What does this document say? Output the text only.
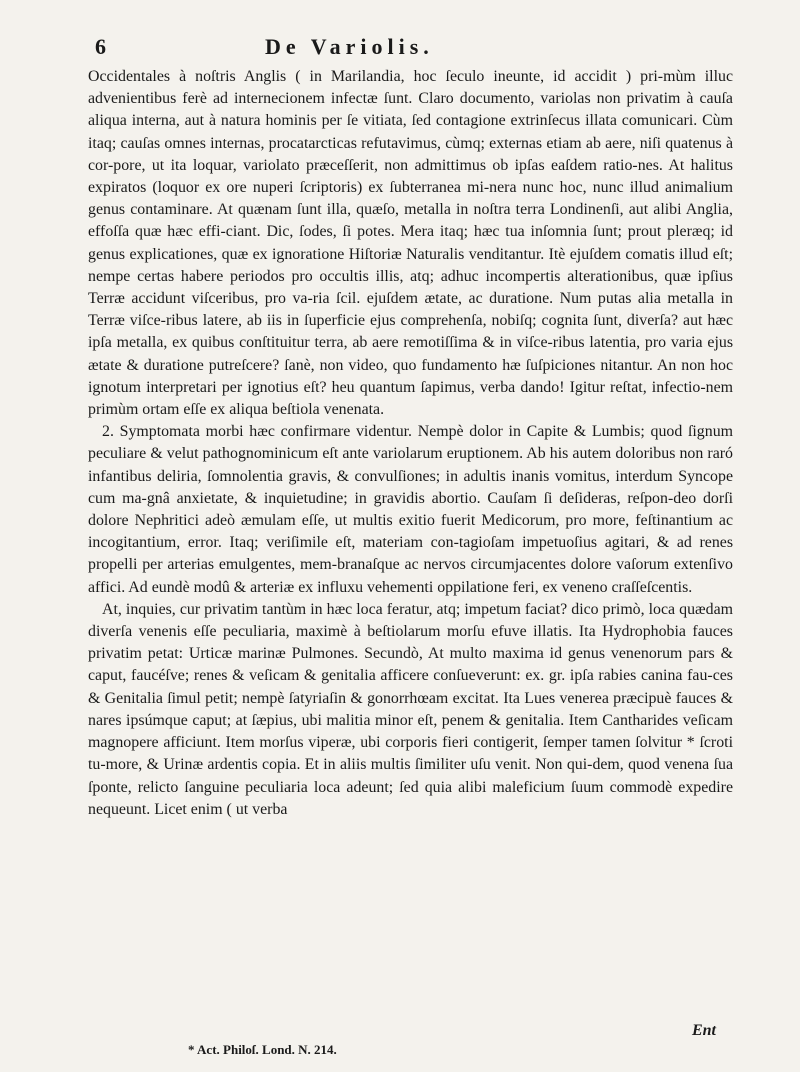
6	De Variolis.

Occidentales à noſtris Anglis ( in Marilandia, hoc ſeculo ineunte, id accidit ) pri-mùm illuc advenientibus ferè ad internecionem infectæ ſunt. Claro documento, variolas non privatim à cauſa aliqua interna, aut à natura hominis per ſe vitiata, ſed contagione extrinſecus illata comunicari. Cùm itaq; cauſas omnes internas, procatarcticas refutavimus, cùmq; externas etiam ab aere, niſi quatenus à cor-pore, ut ita loquar, variolato præceſſerit, non admittimus ob ipſas eaſdem ratio-nes. At halitus expiratos (loquor ex ore nuperi ſcriptoris) ex ſubterranea mi-nera nunc hoc, nunc illud animalium genus contaminare. At quænam ſunt illa, quæſo, metalla in noſtra terra Londinenſi, aut alibi Anglia, effoſſa quæ hæc effi-ciant. Dic, ſodes, ſi potes. Mera itaq; hæc tua inſomnia ſunt; prout pleræq; id genus explicationes, quæ ex ignoratione Hiſtoriæ Naturalis venditantur. Itè ejuſdem comatis illud eſt; nempe certas habere periodos pro occultis illis, atq; adhuc incompertis alterationibus, quæ ipſius Terræ accidunt viſceribus, pro va-ria ſcil. ejuſdem ætate, ac duratione. Num putas alia metalla in Terræ viſce-ribus latere, ab iis in ſuperficie ejus comprehenſa, nobiſq; cognita ſunt, diverſa? aut hæc ipſa metalla, ex quibus conſtituitur terra, ab aere remotiſſima & in viſce-ribus latentia, pro varia ejus ætate & duratione putreſcere? ſanè, non video, quo fundamento hæ ſuſpiciones nitantur. An non hoc ignotum interpretari per ignotius eſt? heu quantum ſapimus, verba dando! Igitur reſtat, infectio-nem primùm ortam eſſe ex aliqua beſtiola venenata.

2. Symptomata morbi hæc confirmare videntur. Nempè dolor in Capite & Lumbis; quod ſignum peculiare & velut pathognominicum eſt ante variolarum eruptionem. Ab his autem doloribus non raró infantibus deliria, ſomnolentia gravis, & convulſiones; in adultis inanis vomitus, interdum Syncope cum ma-gnâ anxietate, & inquietudine; in gravidis abortio. Cauſam ſi deſideras, reſpon-deo dorſi dolore Nephritici adeò æmulam eſſe, ut multis exitio fuerit Medicorum, pro more, feſtinantium ac incogitantium, error. Itaq; veriſimile eſt, materiam con-tagioſam impetuoſius agitari, & ad renes propelli per arterias emulgentes, mem-branaſque ac nervos circumjacentes dolore vaſorum extenſivo affici. Ad eundè modû & arteriæ ex influxu vehementi oppilatione feri, ex veneno craſſeſcentis.

At, inquies, cur privatim tantùm in hæc loca feratur, atq; impetum faciat? dico primò, loca quædam diverſa venenis eſſe peculiaria, maximè à beſtiolarum morſu efuve illatis. Ita Hydrophobia fauces privatim petat: Urticæ marinæ Pulmones. Secundò, At multo maxima id genus venenorum pars & caput, faucéſve; renes & veſicam & genitalia afficere conſueverunt: ex. gr. ipſa rabies canina fau-ces & Genitalia ſimul petit; nempè ſatyriaſin & gonorrhœam excitat. Ita Lues venerea præcipuè fauces & nares ipsúmque caput; at ſæpius, ubi malitia minor eſt, penem & genitalia. Item Cantharides veſicam magnopere afficiunt. Item morſus viperæ, ubi corporis fieri contigerit, ſemper tamen ſolvitur * ſcroti tu-more, & Urinæ ardentis copia. Et in aliis multis ſimiliter uſu venit. Non qui-dem, quod venena ſua ſponte, relicto ſanguine peculiaria loca adeunt; ſed quia alibi maleficium ſuum commodè expedire nequeunt. Licet enim ( ut verba

Ent
* Act. Philoſ. Lond. N. 214.
